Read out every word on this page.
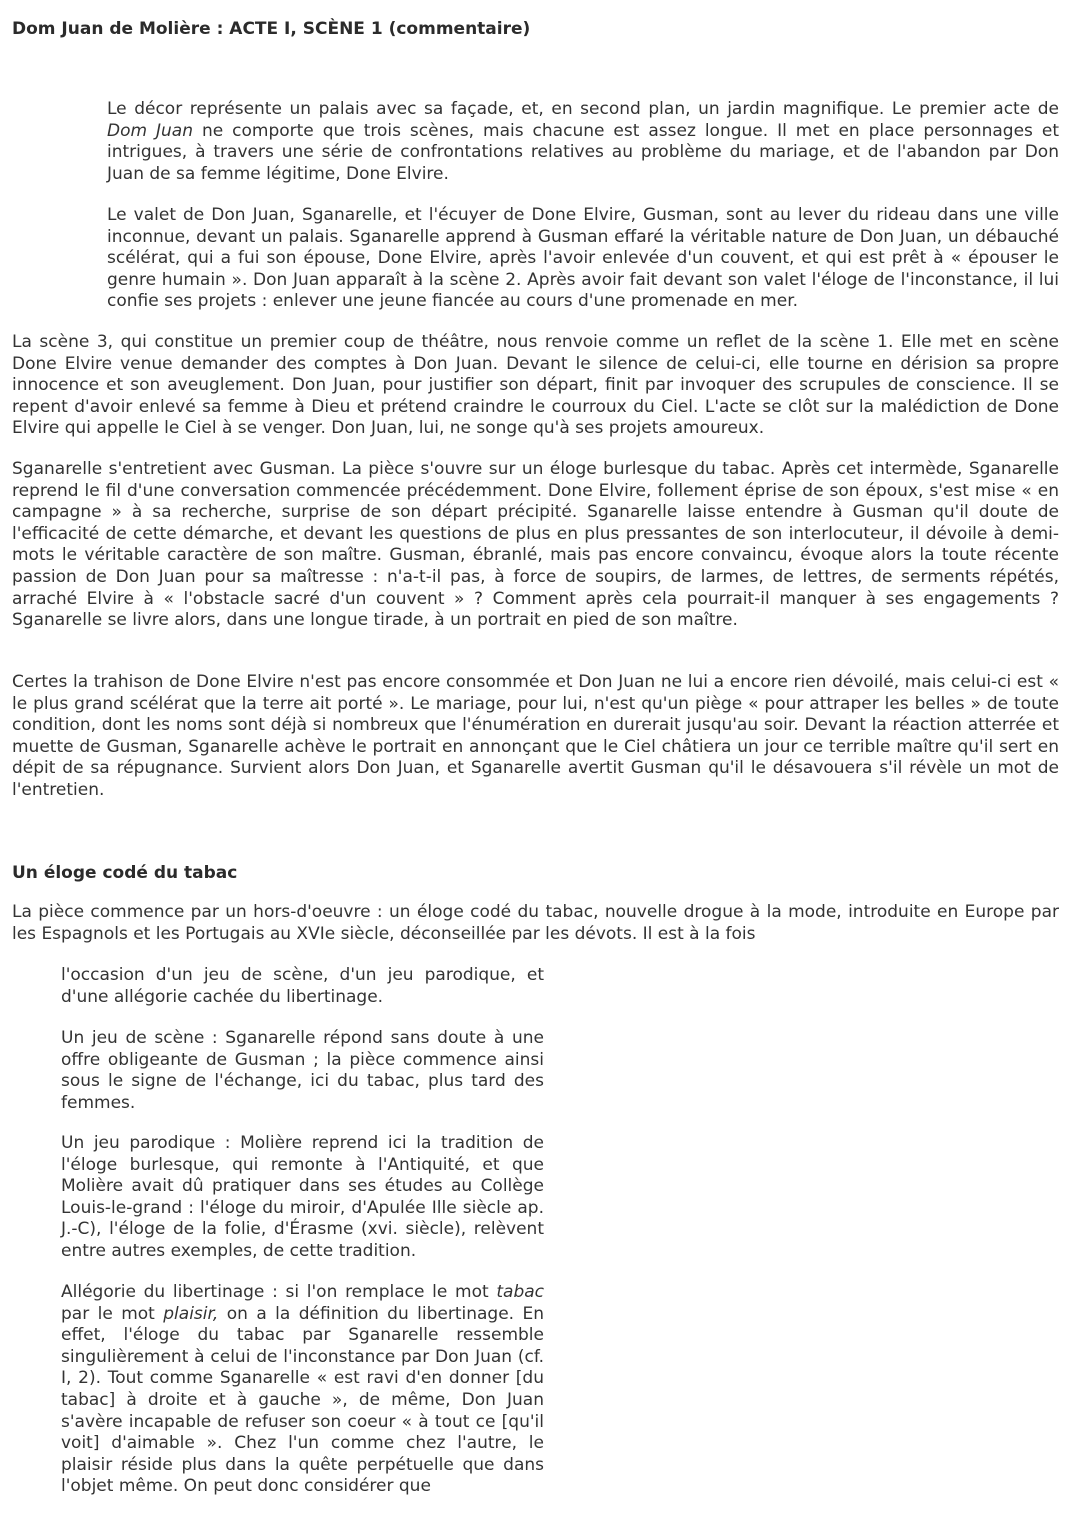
Dom Juan de Molière : ACTE I, SCÈNE 1 (commentaire)

Le décor représente un palais avec sa façade, et, en second plan, un jardin magnifique. Le premier acte de Dom Juan ne comporte que trois scènes, mais chacune est assez longue. Il met en place personnages et intrigues, à travers une série de confrontations relatives au problème du mariage, et de l'abandon par Don Juan de sa femme légitime, Done Elvire.

Le valet de Don Juan, Sganarelle, et l'écuyer de Done Elvire, Gusman, sont au lever du rideau dans une ville inconnue, devant un palais. Sganarelle apprend à Gusman effaré la véritable nature de Don Juan, un débauché scélérat, qui a fui son épouse, Done Elvire, après l'avoir enlevée d'un couvent, et qui est prêt à « épouser le genre humain ». Don Juan apparaît à la scène 2. Après avoir fait devant son valet l'éloge de l'inconstance, il lui confie ses projets : enlever une jeune fiancée au cours d'une promenade en mer.

La scène 3, qui constitue un premier coup de théâtre, nous renvoie comme un reflet de la scène 1. Elle met en scène Done Elvire venue demander des comptes à Don Juan. Devant le silence de celui-ci, elle tourne en dérision sa propre innocence et son aveuglement. Don Juan, pour justifier son départ, finit par invoquer des scrupules de conscience. Il se repent d'avoir enlevé sa femme à Dieu et prétend craindre le courroux du Ciel. L'acte se clôt sur la malédiction de Done Elvire qui appelle le Ciel à se venger. Don Juan, lui, ne songe qu'à ses projets amoureux.

Sganarelle s'entretient avec Gusman. La pièce s'ouvre sur un éloge burlesque du tabac. Après cet intermède, Sganarelle reprend le fil d'une conversation commencée précédemment. Done Elvire, follement éprise de son époux, s'est mise « en campagne » à sa recherche, surprise de son départ précipité. Sganarelle laisse entendre à Gusman qu'il doute de l'efficacité de cette démarche, et devant les questions de plus en plus pressantes de son interlocuteur, il dévoile à demi-mots le véritable caractère de son maître. Gusman, ébranlé, mais pas encore convaincu, évoque alors la toute récente passion de Don Juan pour sa maîtresse : n'a-t-il pas, à force de soupirs, de larmes, de lettres, de serments répétés, arraché Elvire à « l'obstacle sacré d'un couvent » ? Comment après cela pourrait-il manquer à ses engagements ? Sganarelle se livre alors, dans une longue tirade, à un portrait en pied de son maître.

Certes la trahison de Done Elvire n'est pas encore consommée et Don Juan ne lui a encore rien dévoilé, mais celui-ci est « le plus grand scélérat que la terre ait porté ». Le mariage, pour lui, n'est qu'un piège « pour attraper les belles » de toute condition, dont les noms sont déjà si nombreux que l'énumération en durerait jusqu'au soir. Devant la réaction atterrée et muette de Gusman, Sganarelle achève le portrait en annonçant que le Ciel châtiera un jour ce terrible maître qu'il sert en dépit de sa répugnance. Survient alors Don Juan, et Sganarelle avertit Gusman qu'il le désavouera s'il révèle un mot de l'entretien.

Un éloge codé du tabac

La pièce commence par un hors-d'oeuvre : un éloge codé du tabac, nouvelle drogue à la mode, introduite en Europe par les Espagnols et les Portugais au XVIe siècle, déconseillée par les dévots. Il est à la fois

l'occasion d'un jeu de scène, d'un jeu parodique, et d'une allégorie cachée du libertinage.

Un jeu de scène : Sganarelle répond sans doute à une offre obligeante de Gusman ; la pièce commence ainsi sous le signe de l'échange, ici du tabac, plus tard des femmes.

Un jeu parodique : Molière reprend ici la tradition de l'éloge burlesque, qui remonte à l'Antiquité, et que Molière avait dû pratiquer dans ses études au Collège Louis-le-grand : l'éloge du miroir, d'Apulée Ille siècle ap. J.-C), l'éloge de la folie, d'Érasme (xvi. siècle), relèvent entre autres exemples, de cette tradition.

Allégorie du libertinage : si l'on remplace le mot tabac par le mot plaisir, on a la définition du libertinage. En effet, l'éloge du tabac par Sganarelle ressemble singulièrement à celui de l'inconstance par Don Juan (cf. I, 2). Tout comme Sganarelle « est ravi d'en donner [du tabac] à droite et à gauche », de même, Don Juan s'avère incapable de refuser son coeur « à tout ce [qu'il voit] d'aimable ». Chez l'un comme chez l'autre, le plaisir réside plus dans la quête perpétuelle que dans l'objet même. On peut donc considérer que
